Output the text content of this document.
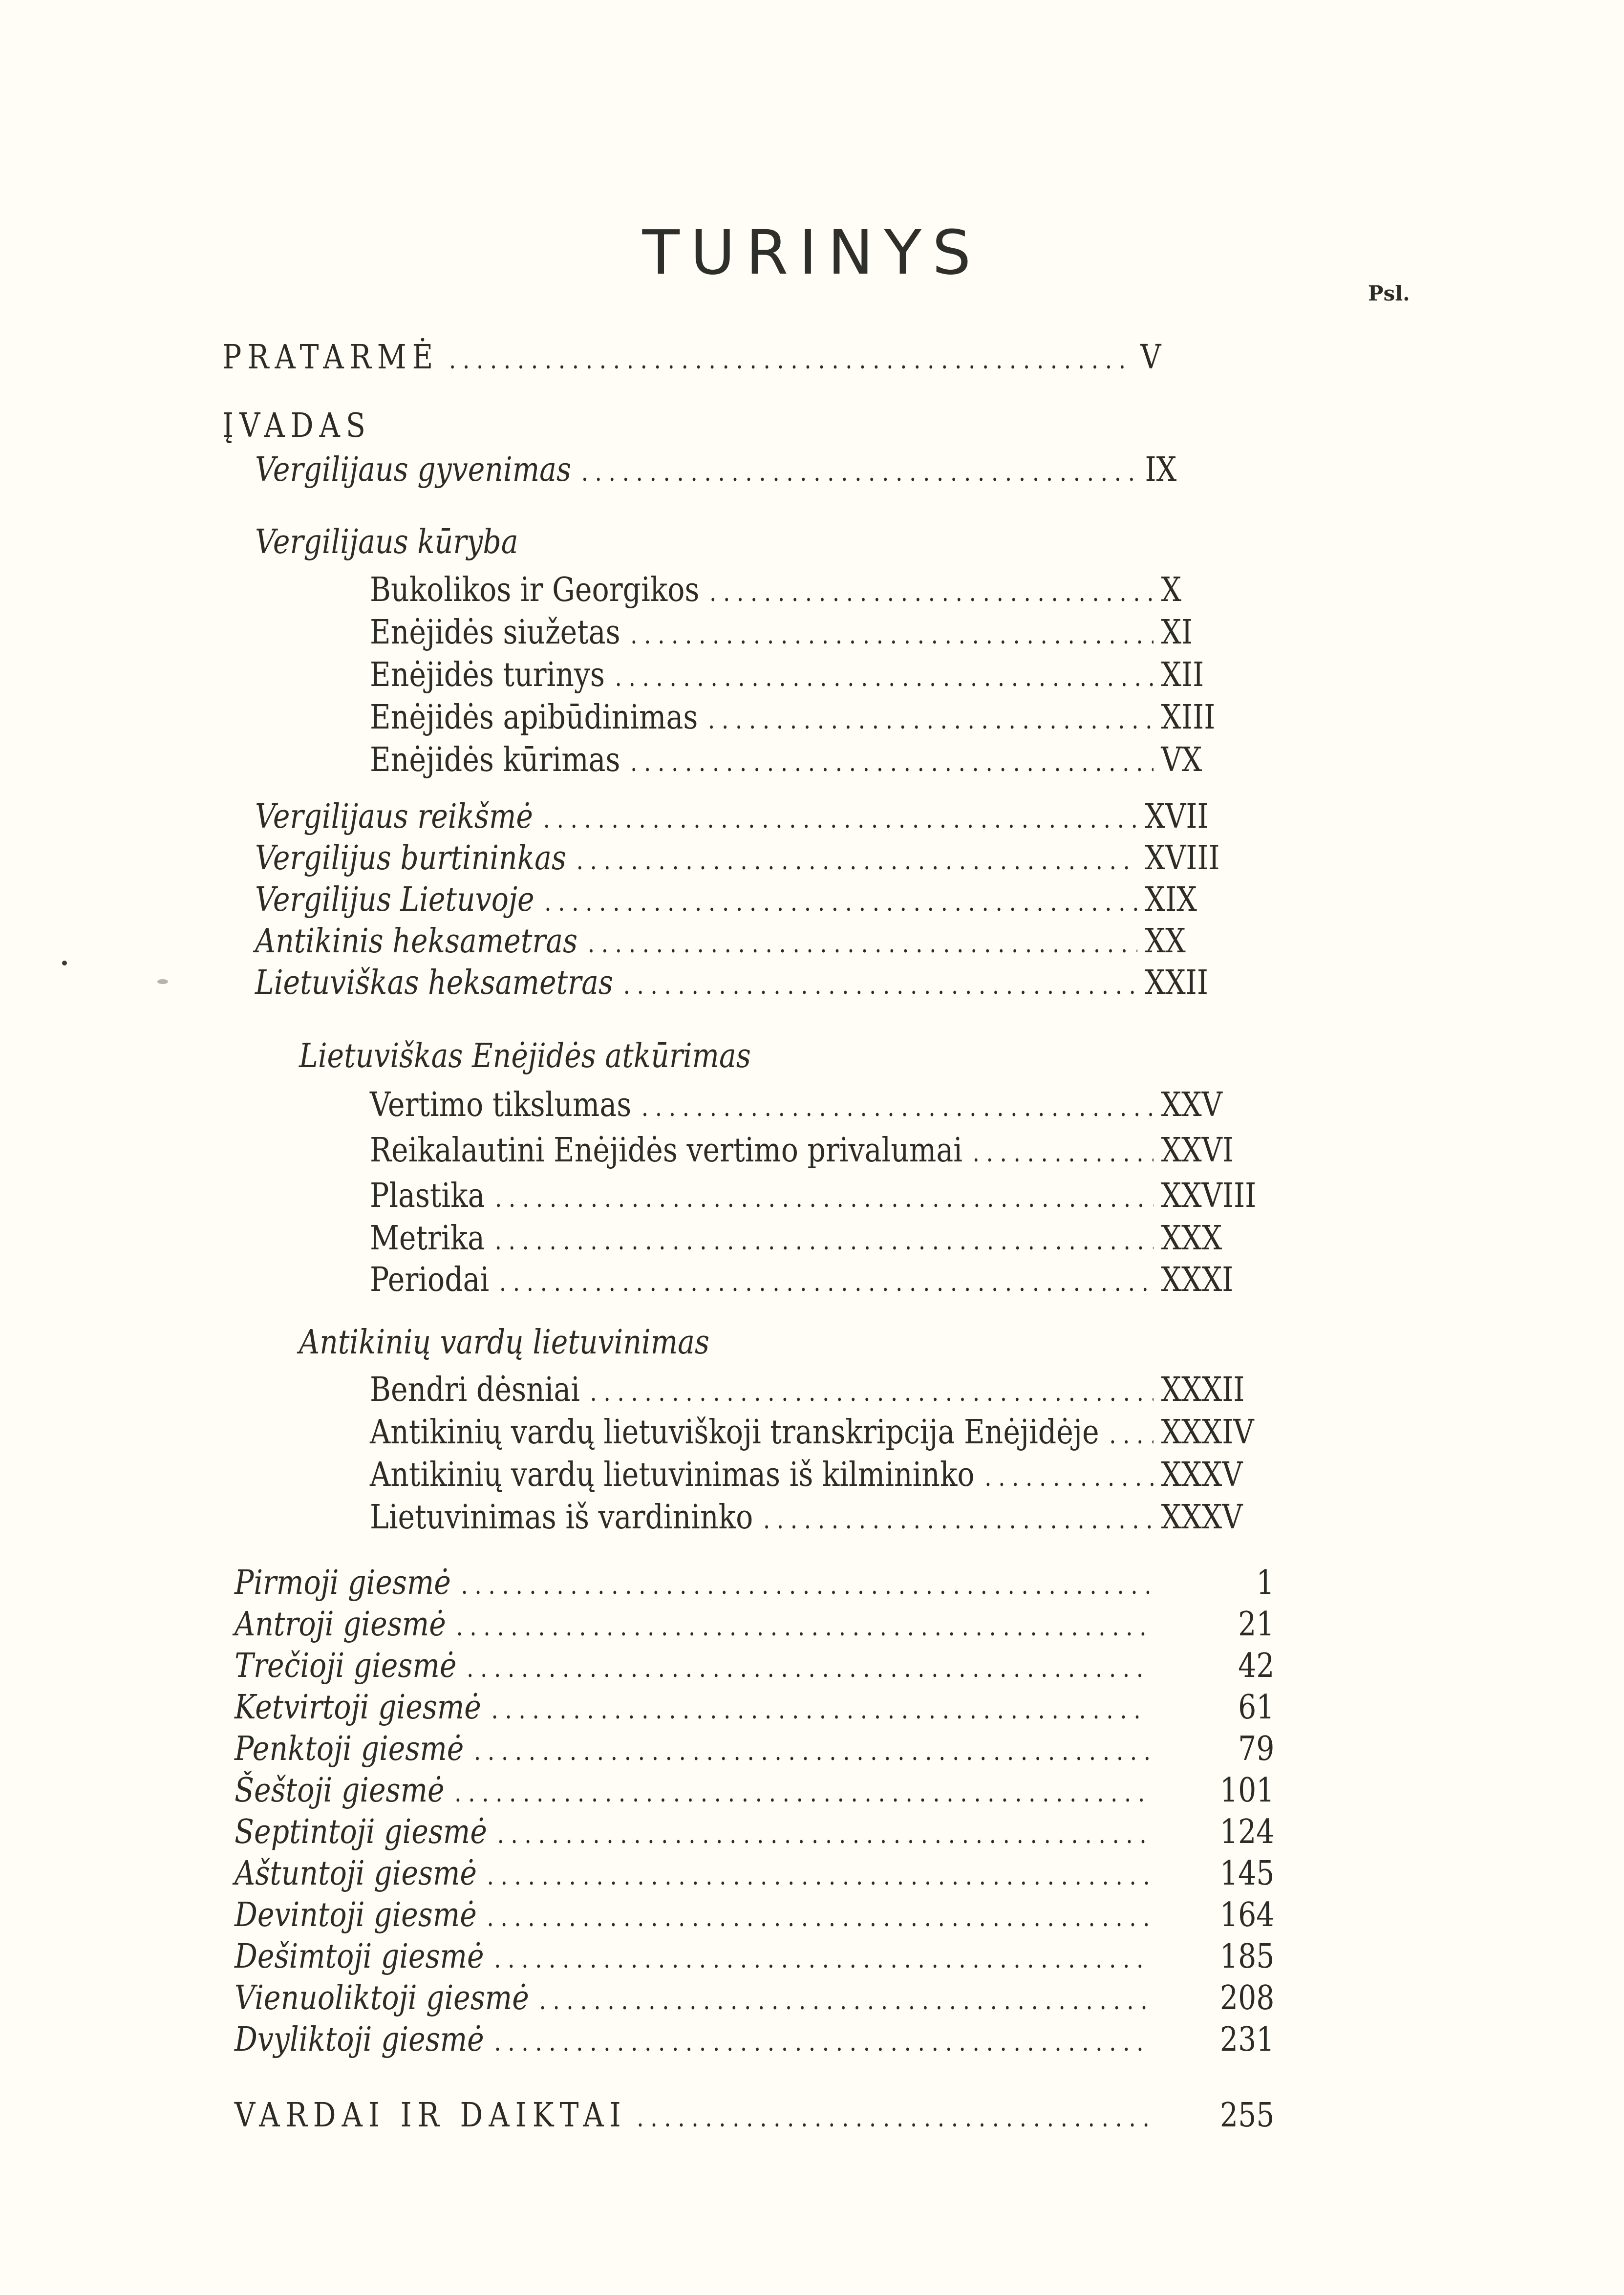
TURINYS
Psl.
PRATARMĖ .....	V
ĮVADAS
Vergilijaus gyvenimas .....	IX
Vergilijaus kūryba
Bukolikos ir Georgikos .....	X
Enėjidės siužetas .....	XI
Enėjidės turinys .....	XII
Enėjidės apibūdinimas .....	XIII
Enėjidės kūrimas .....	VX
Vergilijaus reikšmė .....	XVII
Vergilijus burtininkas .....	XVIII
Vergilijus Lietuvoje .....	XIX
Antikinis heksametras .....	XX
Lietuviškas heksametras .....	XXII
Lietuviškas Enėjidės atkūrimas
Vertimo tikslumas .....	XXV
Reikalautini Enėjidės vertimo privalumai .....	XXVI
Plastika .....	XXVIII
Metrika .....	XXX
Periodai .....	XXXI
Antikinių vardų lietuvinimas
Bendri dėsniai .....	XXXII
Antikinių vardų lietuviškoji transkripcija Enėjidėje ..... XXXIV
Antikinių vardų lietuvinimas iš kilmininko .....	XXXV
Lietuvinimas iš vardininko .....	XXXV
Pirmoji giesmė .....	1
Antroji giesmė .....	21
Trečioji giesmė .....	42
Ketvirtoji giesmė .....	61
Penktoji giesmė .....	79
Šeštoji giesmė .....	101
Septintoji giesmė .....	124
Aštuntoji giesmė .....	145
Devintoji giesmė .....	164
Dešimtoji giesmė .....	185
Vienuoliktoji giesmė .....	208
Dvyliktoji giesmė .....	231
VARDAI IR DAIKTAI .....	255
